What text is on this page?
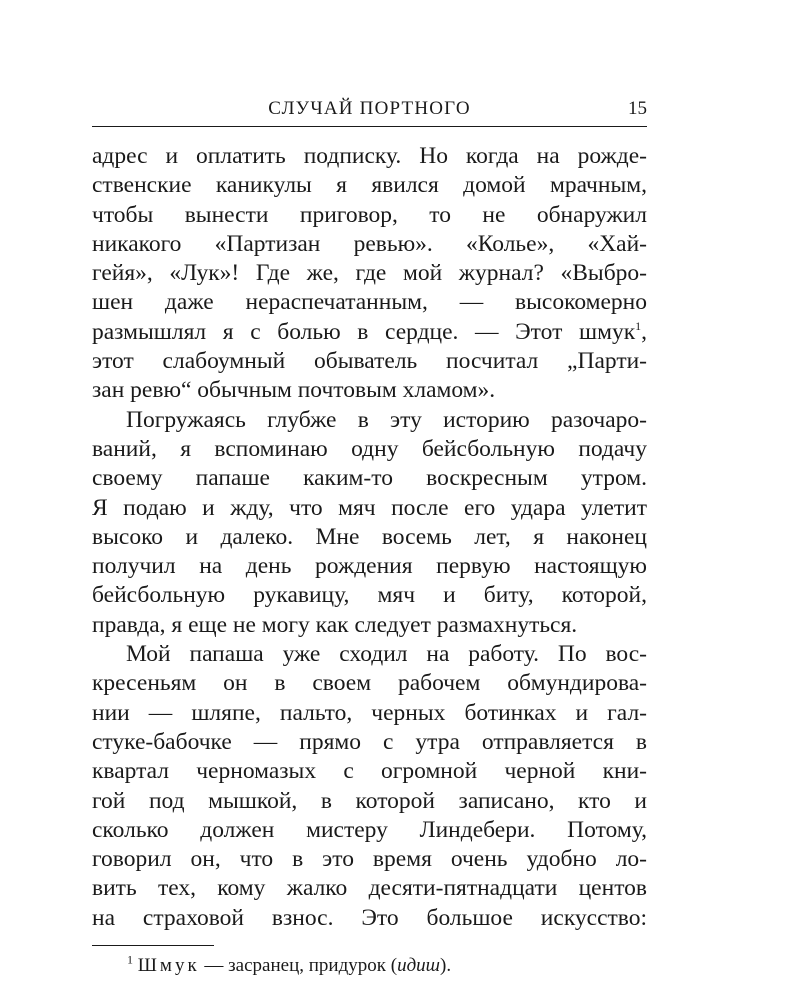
СЛУЧАЙ ПОРТНОГО	15
адрес и оплатить подписку. Но когда на рожде-
ственские каникулы я явился домой мрачным,
чтобы вынести приговор, то не обнаружил
никакого «Партизан ревью». «Колье», «Хай-
гейя», «Лук»! Где же, где мой журнал? «Выбро-
шен даже нераспечатанным, — высокомерно
размышлял я с болью в сердце. — Этот шмук$^1$,
этот слабоумный обыватель посчитал „Парти-
зан ревю“ обычным почтовым хламом».
Погружаясь глубже в эту историю разочаро-
ваний, я вспоминаю одну бейсбольную подачу
своему папаше каким-то воскресным утром.
Я подаю и жду, что мяч после его удара улетит
высоко и далеко. Мне восемь лет, я наконец
получил на день рождения первую настоящую
бейсбольную рукавицу, мяч и биту, которой,
правда, я еще не могу как следует размахнуться.
Мой папаша уже сходил на работу. По вос-
кресеньям он в своем рабочем обмундирова-
нии — шляпе, пальто, черных ботинках и гал-
стуке-бабочке — прямо с утра отправляется в
квартал черномазых с огромной черной кни-
гой под мышкой, в которой записано, кто и
сколько должен мистеру Линдебери. Потому,
говорил он, что в это время очень удобно ло-
вить тех, кому жалко десяти-пятнадцати центов
на страховой взнос. Это большое искусство:
$^1$ Шмук — засранец, придурок (идиш).
